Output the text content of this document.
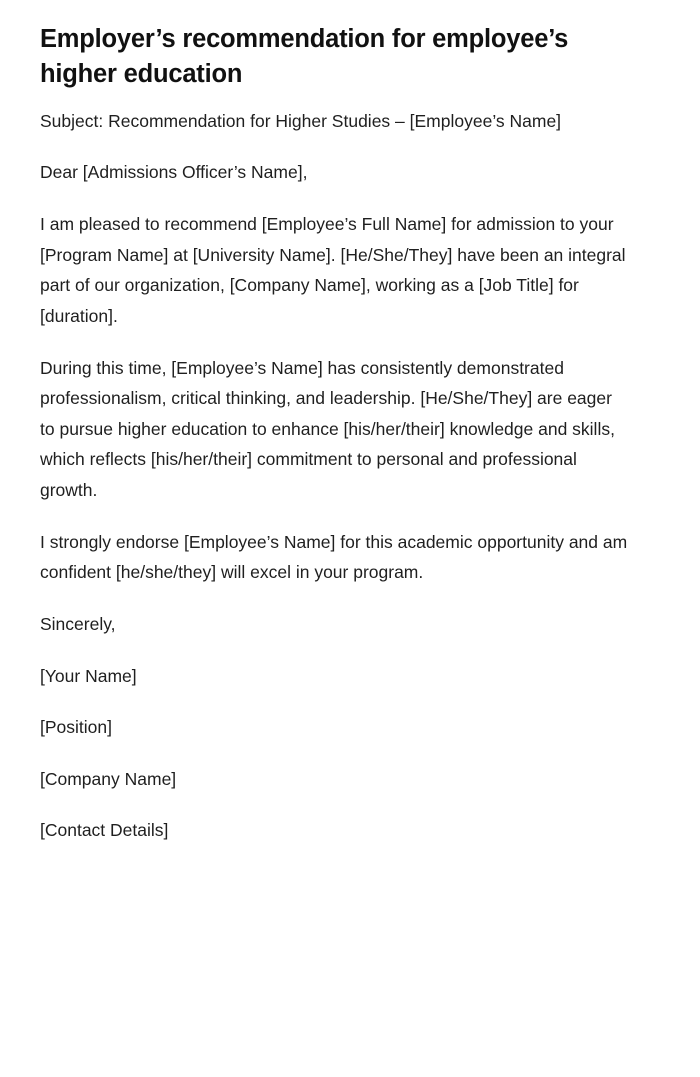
Employer’s recommendation for employee’s higher education

Subject: Recommendation for Higher Studies – [Employee’s Name]

Dear [Admissions Officer’s Name],

I am pleased to recommend [Employee’s Full Name] for admission to your [Program Name] at [University Name]. [He/She/They] have been an integral part of our organization, [Company Name], working as a [Job Title] for [duration].

During this time, [Employee’s Name] has consistently demonstrated professionalism, critical thinking, and leadership. [He/She/They] are eager to pursue higher education to enhance [his/her/their] knowledge and skills, which reflects [his/her/their] commitment to personal and professional growth.

I strongly endorse [Employee’s Name] for this academic opportunity and am confident [he/she/they] will excel in your program.

Sincerely,

[Your Name]

[Position]

[Company Name]

[Contact Details]
